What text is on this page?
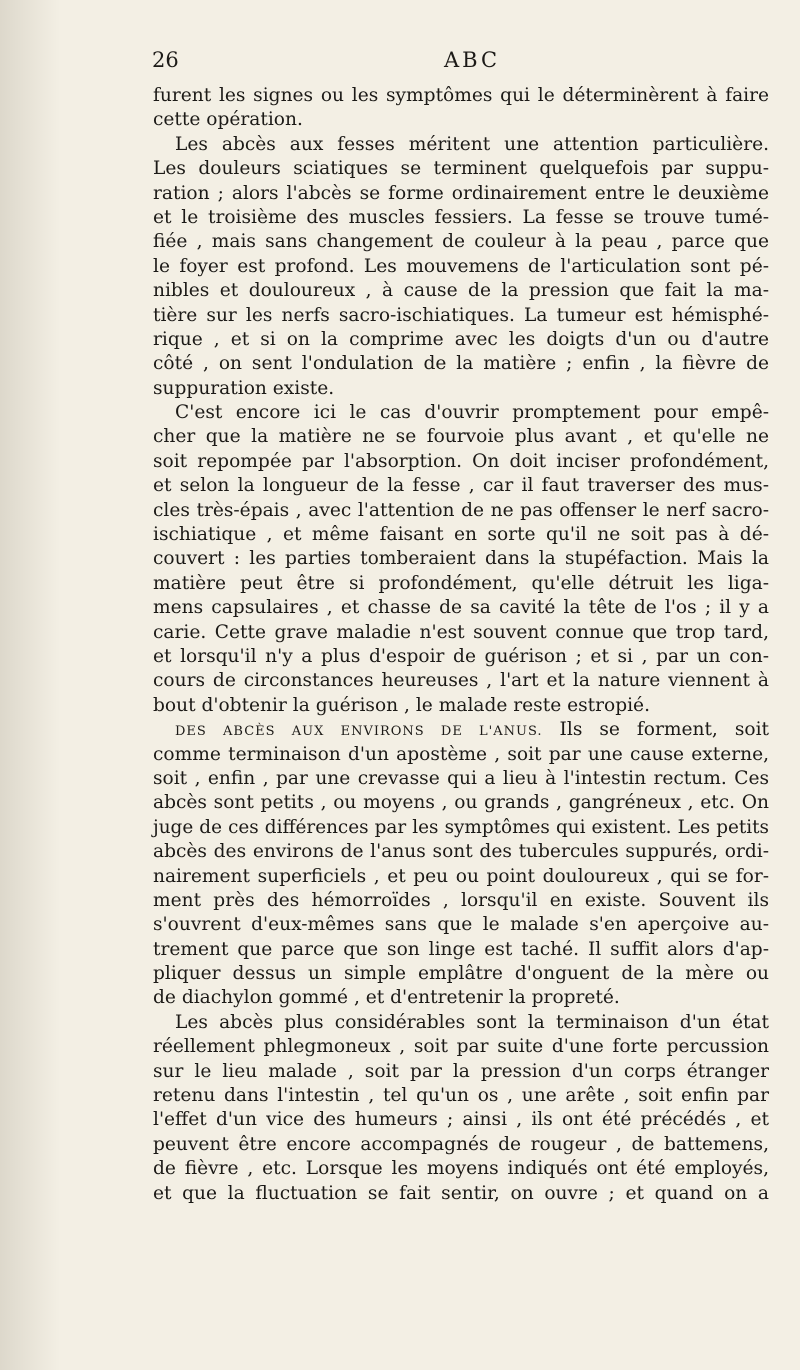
26	ABC
furent les signes ou les symptômes qui le déterminèrent à faire
cette opération.
Les abcès aux fesses méritent une attention particulière.
Les douleurs sciatiques se terminent quelquefois par suppu-
ration ; alors l'abcès se forme ordinairement entre le deuxième
et le troisième des muscles fessiers. La fesse se trouve tumé-
fiée , mais sans changement de couleur à la peau , parce que
le foyer est profond. Les mouvemens de l'articulation sont pé-
nibles et douloureux , à cause de la pression que fait la ma-
tière sur les nerfs sacro-ischiatiques. La tumeur est hémisphé-
rique , et si on la comprime avec les doigts d'un ou d'autre
côté , on sent l'ondulation de la matière ; enfin , la fièvre de
suppuration existe.
C'est encore ici le cas d'ouvrir promptement pour empê-
cher que la matière ne se fourvoie plus avant , et qu'elle ne
soit repompée par l'absorption. On doit inciser profondément,
et selon la longueur de la fesse , car il faut traverser des mus-
cles très-épais , avec l'attention de ne pas offenser le nerf sacro-
ischiatique , et même faisant en sorte qu'il ne soit pas à dé-
couvert : les parties tomberaient dans la stupéfaction. Mais la
matière peut être si profondément, qu'elle détruit les liga-
mens capsulaires , et chasse de sa cavité la tête de l'os ; il y a
carie. Cette grave maladie n'est souvent connue que trop tard,
et lorsqu'il n'y a plus d'espoir de guérison ; et si , par un con-
cours de circonstances heureuses , l'art et la nature viennent à
bout d'obtenir la guérison , le malade reste estropié.
DES ABCÈS AUX ENVIRONS DE L'ANUS. Ils se forment, soit
comme terminaison d'un apostème , soit par une cause externe,
soit , enfin , par une crevasse qui a lieu à l'intestin rectum. Ces
abcès sont petits , ou moyens , ou grands , gangréneux , etc. On
juge de ces différences par les symptômes qui existent. Les petits
abcès des environs de l'anus sont des tubercules suppurés, ordi-
nairement superficiels , et peu ou point douloureux , qui se for-
ment près des hémorroïdes , lorsqu'il en existe. Souvent ils
s'ouvrent d'eux-mêmes sans que le malade s'en aperçoive au-
trement que parce que son linge est taché. Il suffit alors d'ap-
pliquer dessus un simple emplâtre d'onguent de la mère ou
de diachylon gommé , et d'entretenir la propreté.
Les abcès plus considérables sont la terminaison d'un état
réellement phlegmoneux , soit par suite d'une forte percussion
sur le lieu malade , soit par la pression d'un corps étranger
retenu dans l'intestin , tel qu'un os , une arête , soit enfin par
l'effet d'un vice des humeurs ; ainsi , ils ont été précédés , et
peuvent être encore accompagnés de rougeur , de battemens,
de fièvre , etc. Lorsque les moyens indiqués ont été employés,
et que la fluctuation se fait sentir, on ouvre ; et quand on a
